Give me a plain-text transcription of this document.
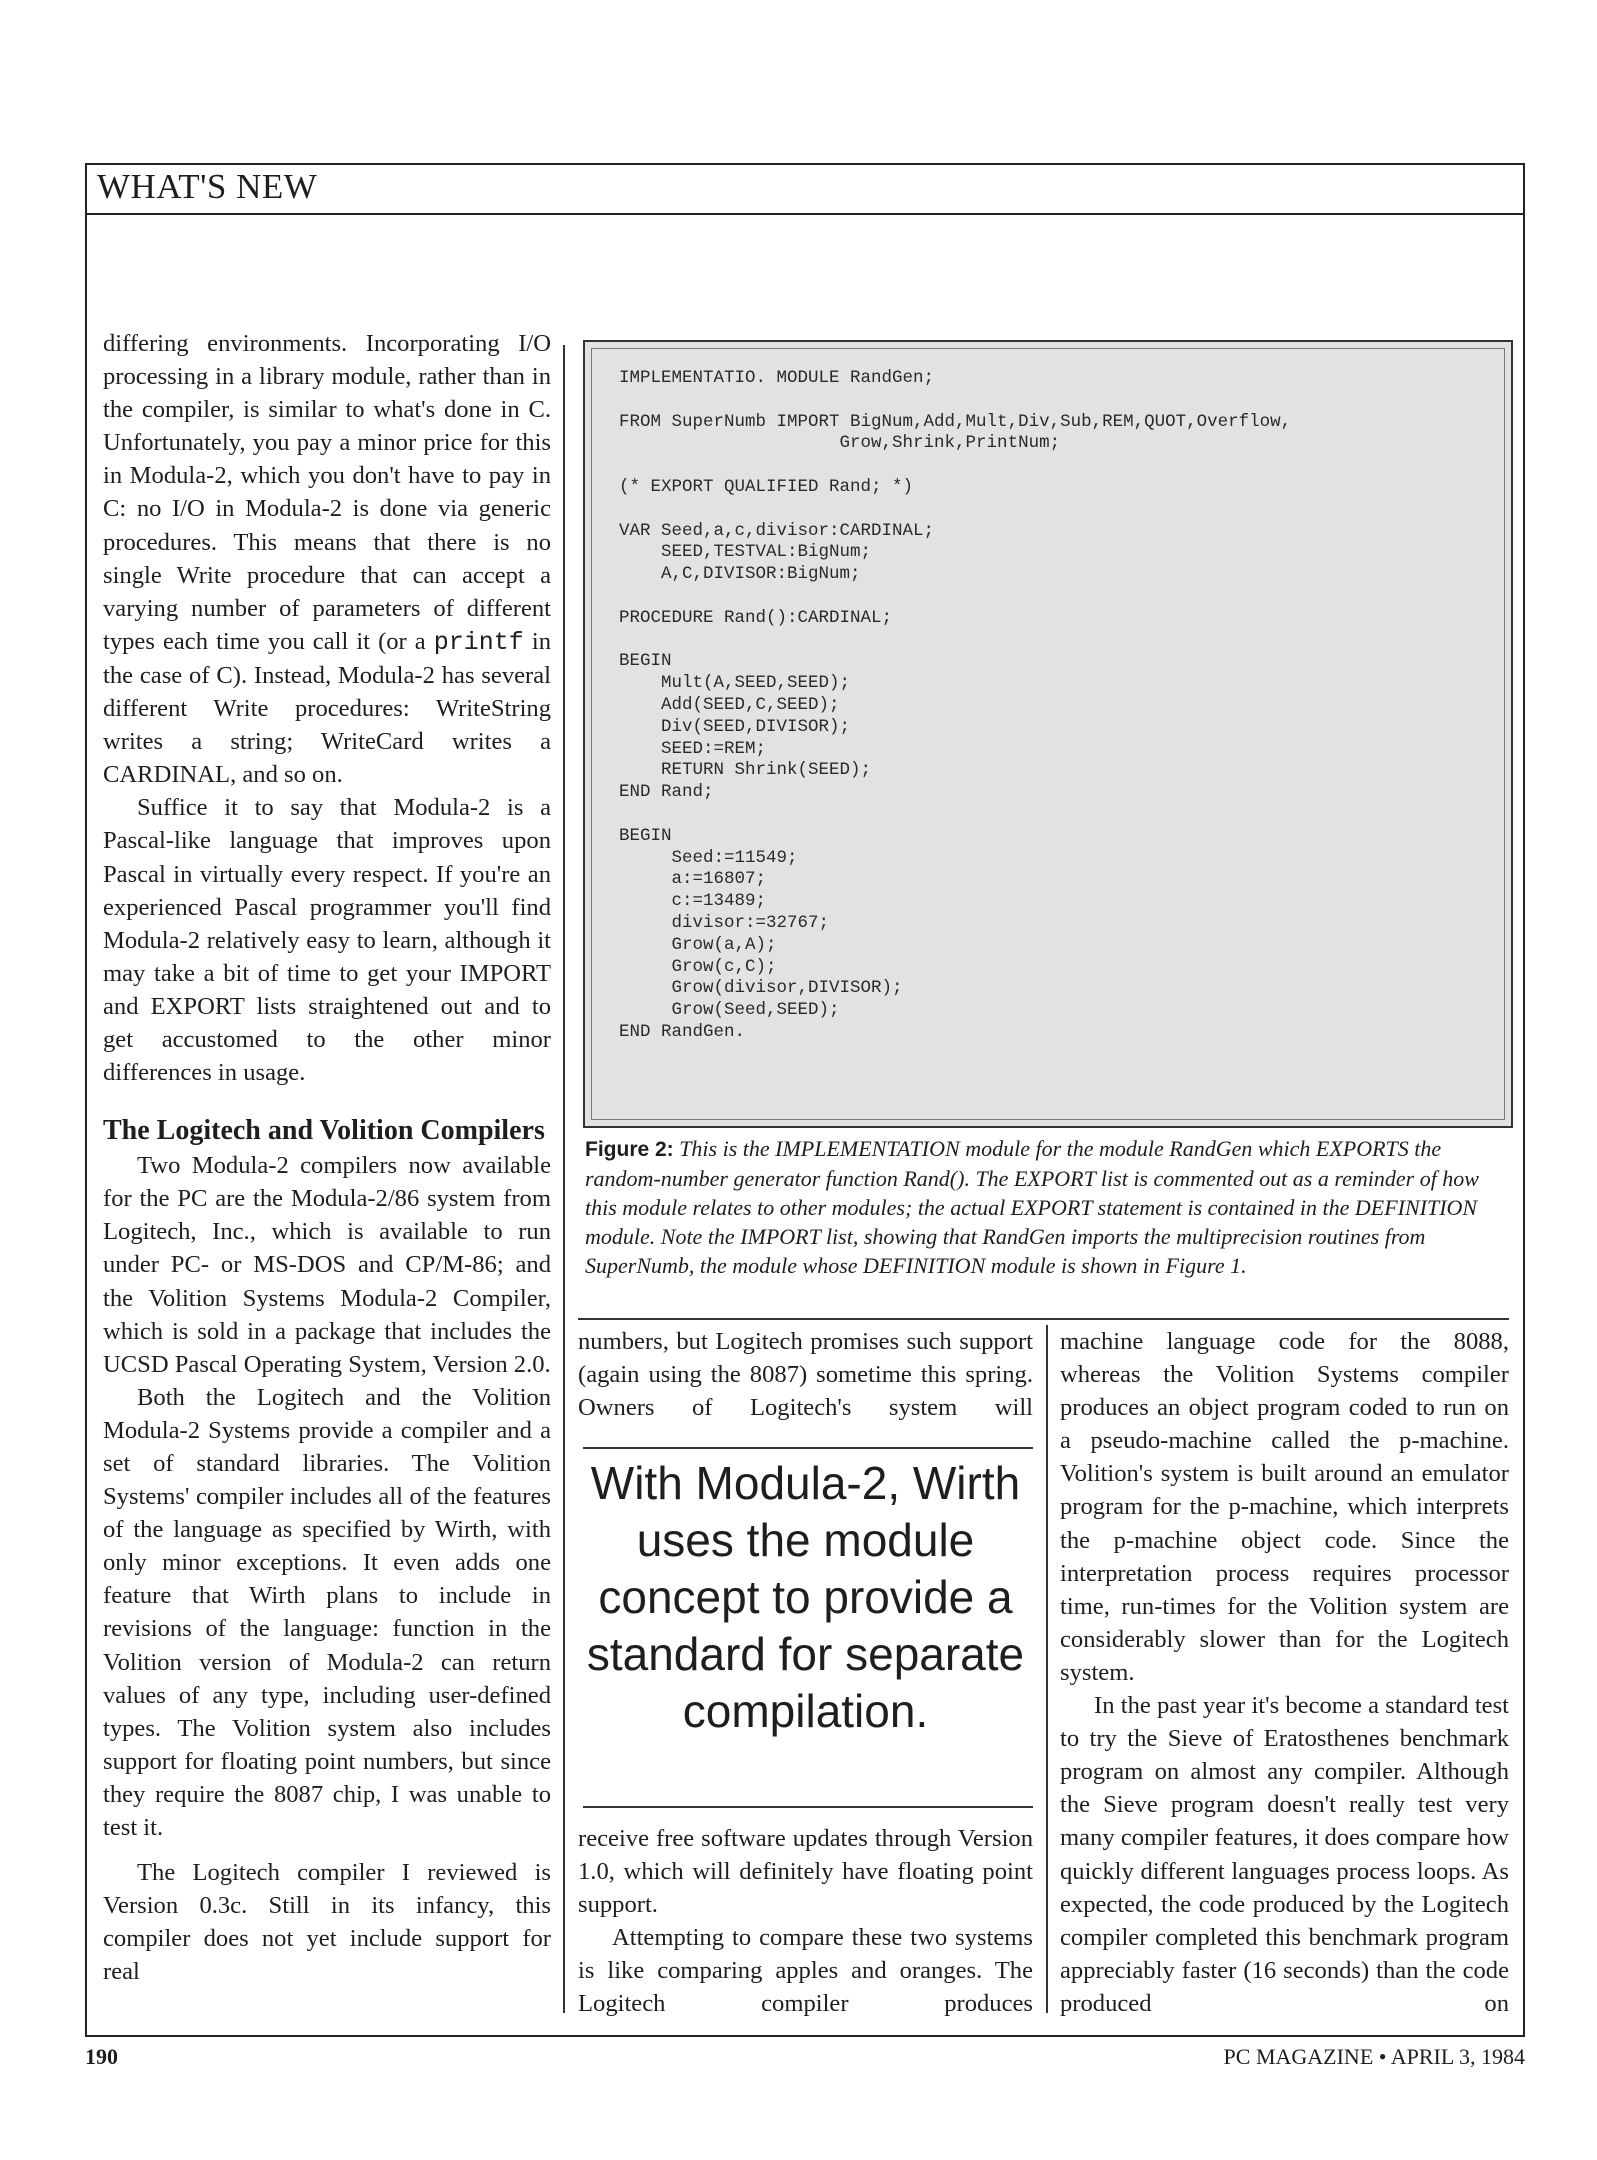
WHAT'S NEW

differing environments. Incorporating I/O processing in a library module, rather than in the compiler, is similar to what's done in C. Unfortunately, you pay a minor price for this in Modula-2, which you don't have to pay in C: no I/O in Modula-2 is done via generic procedures. This means that there is no single Write procedure that can accept a varying number of parameters of different types each time you call it (or a printf in the case of C). Instead, Modula-2 has several different Write procedures: WriteString writes a string; WriteCard writes a CARDINAL, and so on.

Suffice it to say that Modula-2 is a Pascal-like language that improves upon Pascal in virtually every respect. If you're an experienced Pascal programmer you'll find Modula-2 relatively easy to learn, although it may take a bit of time to get your IMPORT and EXPORT lists straightened out and to get accustomed to the other minor differences in usage.

The Logitech and Volition Compilers

Two Modula-2 compilers now available for the PC are the Modula-2/86 system from Logitech, Inc., which is available to run under PC- or MS-DOS and CP/M-86; and the Volition Systems Modula-2 Compiler, which is sold in a package that includes the UCSD Pascal Operating System, Version 2.0.

Both the Logitech and the Volition Modula-2 Systems provide a compiler and a set of standard libraries. The Volition Systems' compiler includes all of the features of the language as specified by Wirth, with only minor exceptions. It even adds one feature that Wirth plans to include in revisions of the language: function in the Volition version of Modula-2 can return values of any type, including user-defined types. The Volition system also includes support for floating point numbers, but since they require the 8087 chip, I was unable to test it.

The Logitech compiler I reviewed is Version 0.3c. Still in its infancy, this compiler does not yet include support for real

IMPLEMENTATIO. MODULE RandGen;

FROM SuperNumb IMPORT BigNum,Add,Mult,Div,Sub,REM,QUOT,Overflow,
Grow,Shrink,PrintNum;

(* EXPORT QUALIFIED Rand; *)

VAR Seed,a,c,divisor:CARDINAL;
SEED,TESTVAL:BigNum;
A,C,DIVISOR:BigNum;

PROCEDURE Rand():CARDINAL;

BEGIN
Mult(A,SEED,SEED);
Add(SEED,C,SEED);
Div(SEED,DIVISOR);
SEED:=REM;
RETURN Shrink(SEED);
END Rand;

BEGIN
Seed:=11549;
a:=16807;
c:=13489;
divisor:=32767;
Grow(a,A);
Grow(c,C);
Grow(divisor,DIVISOR);
Grow(Seed,SEED);
END RandGen.
Figure 2: This is the IMPLEMENTATION module for the module RandGen which EXPORTS the random-number generator function Rand(). The EXPORT list is commented out as a reminder of how this module relates to other modules; the actual EXPORT statement is contained in the DEFINITION module. Note the IMPORT list, showing that RandGen imports the multiprecision routines from SuperNumb, the module whose DEFINITION module is shown in Figure 1.

numbers, but Logitech promises such support (again using the 8087) sometime this spring. Owners of Logitech's system will

With Modula-2, Wirth uses the module concept to provide a standard for separate compilation.

receive free software updates through Version 1.0, which will definitely have floating point support.

Attempting to compare these two systems is like comparing apples and oranges. The Logitech compiler produces

machine language code for the 8088, whereas the Volition Systems compiler produces an object program coded to run on a pseudo-machine called the p-machine. Volition's system is built around an emulator program for the p-machine, which interprets the p-machine object code. Since the interpretation process requires processor time, run-times for the Volition system are considerably slower than for the Logitech system.

In the past year it's become a standard test to try the Sieve of Eratosthenes benchmark program on almost any compiler. Although the Sieve program doesn't really test very many compiler features, it does compare how quickly different languages process loops. As expected, the code produced by the Logitech compiler completed this benchmark program appreciably faster (16 seconds) than the code produced on

190	PC MAGAZINE • APRIL 3, 1984
